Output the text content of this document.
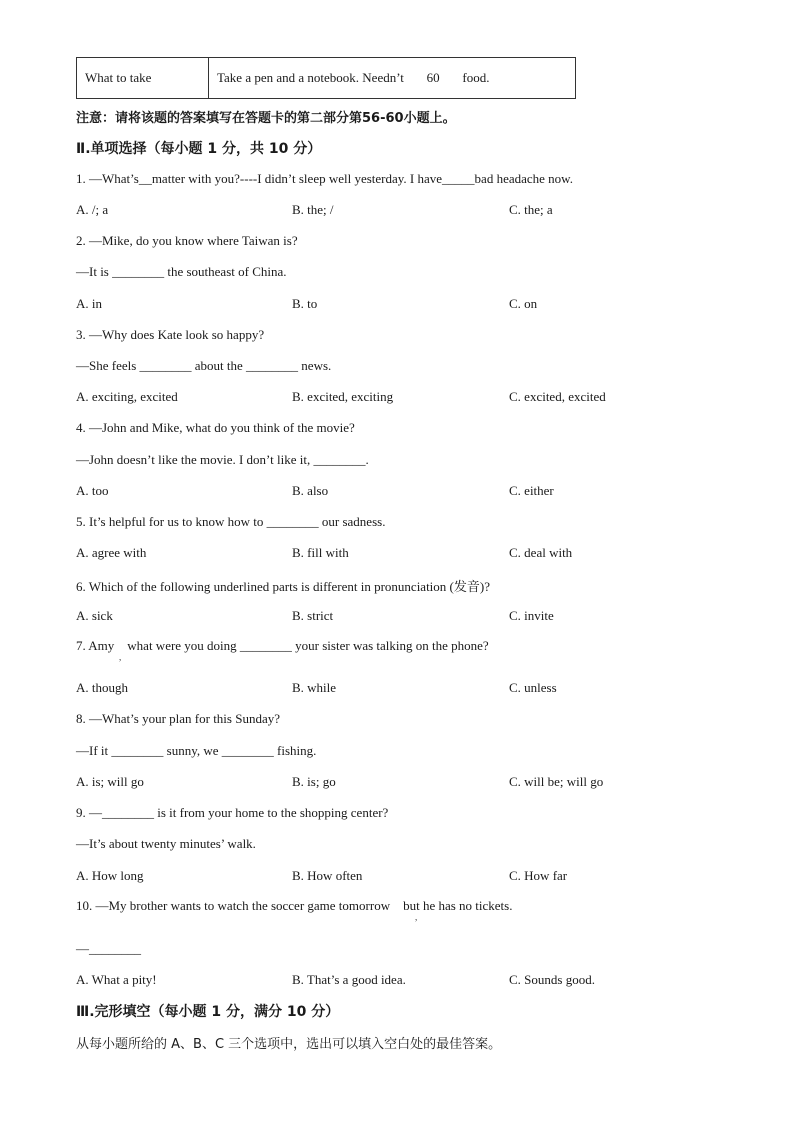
What to take	Take a pen and a notebook. Needn’t       60       food.
注意：请将该题的答案填写在答题卡的第二部分第56-60小题上。
Ⅱ.单项选择（每小题 1 分，共 10 分）
1. —What’s__matter with you?----I didn’t sleep well yesterday. I have_____bad headache now.
A. /; a	B. the; /	C. the; a
2. —Mike, do you know where Taiwan is?
—It is ________ the southeast of China.
A. in	B. to	C. on
3. —Why does Kate look so happy?
—She feels ________ about the ________ news.
A. exciting, excited	B. excited, exciting	C. excited, excited
4. —John and Mike, what do you think of the movie?
—John doesn’t like the movie. I don’t like it, ________.
A. too	B. also	C. either
5. It’s helpful for us to know how to ________ our sadness.
A. agree with	B. fill with	C. deal with
6. Which of the following underlined parts is different in pronunciation (发音)?
A. sick	B. strict	C. invite
7. Amy    what were you doing ________ your sister was talking on the phone?
,
A. though	B. while	C. unless
8. —What’s your plan for this Sunday?
—If it ________ sunny, we ________ fishing.
A. is; will go	B. is; go	C. will be; will go
9. —________ is it from your home to the shopping center?
—It’s about twenty minutes’ walk.
A. How long	B. How often	C. How far
10. —My brother wants to watch the soccer game tomorrow    but he has no tickets.
,
—________
A. What a pity!	B. That’s a good idea.	C. Sounds good.
Ⅲ.完形填空（每小题 1 分，满分 10 分）
从每小题所给的 A、B、C 三个选项中，选出可以填入空白处的最佳答案。
